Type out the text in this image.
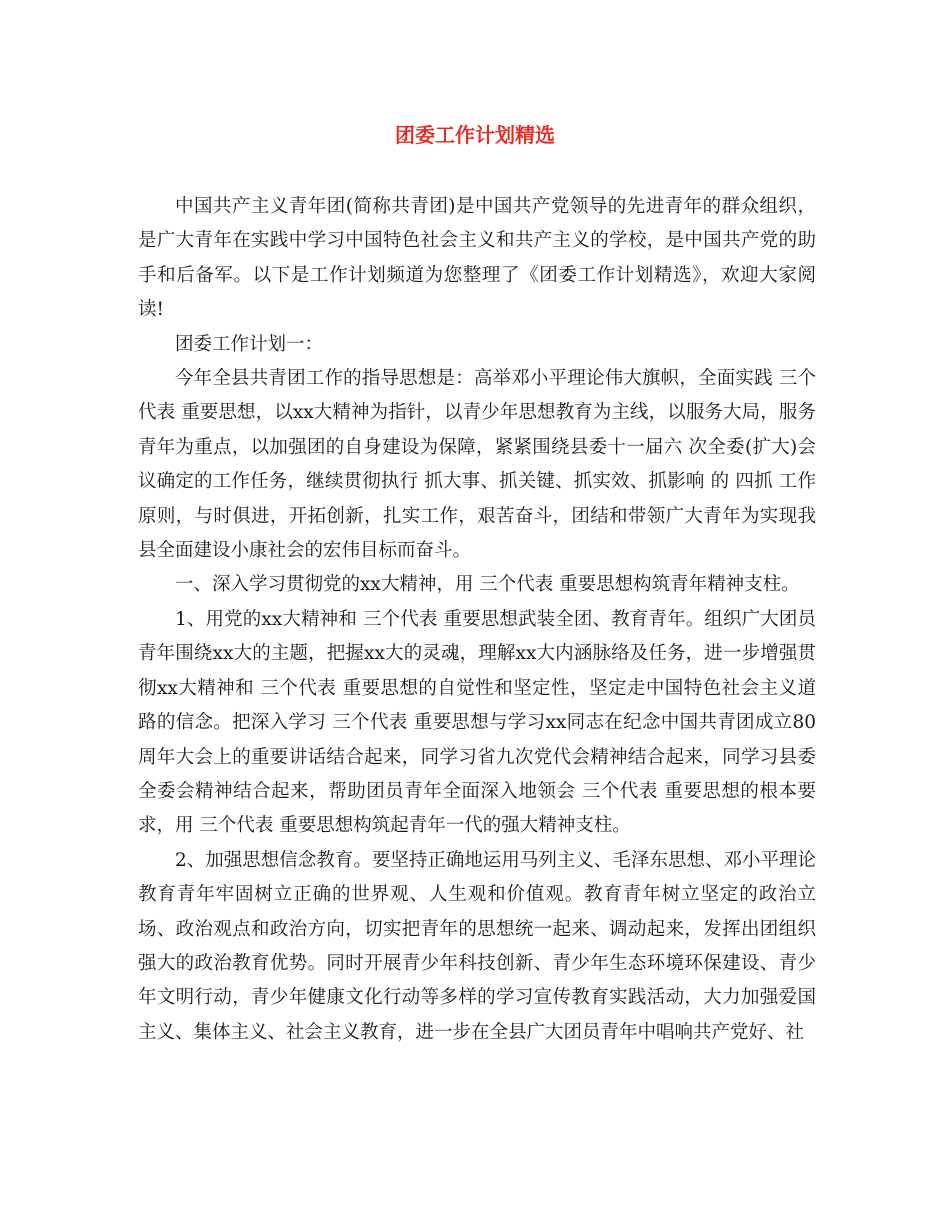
团委工作计划精选

中国共产主义青年团(简称共青团)是中国共产党领导的先进青年的群众组织，是广大青年在实践中学习中国特色社会主义和共产主义的学校，是中国共产党的助手和后备军。以下是工作计划频道为您整理了《团委工作计划精选》，欢迎大家阅读!

团委工作计划一：

今年全县共青团工作的指导思想是：高举邓小平理论伟大旗帜，全面实践 三个代表 重要思想，以xx大精神为指针，以青少年思想教育为主线，以服务大局，服务青年为重点，以加强团的自身建设为保障，紧紧围绕县委十一届六 次全委(扩大)会议确定的工作任务，继续贯彻执行 抓大事、抓关键、抓实效、抓影响 的 四抓 工作原则，与时俱进，开拓创新，扎实工作，艰苦奋斗，团结和带领广大青年为实现我县全面建设小康社会的宏伟目标而奋斗。

一、深入学习贯彻党的xx大精神，用 三个代表 重要思想构筑青年精神支柱。

1、用党的xx大精神和 三个代表 重要思想武装全团、教育青年。组织广大团员青年围绕xx大的主题，把握xx大的灵魂，理解xx大内涵脉络及任务，进一步增强贯彻xx大精神和 三个代表 重要思想的自觉性和坚定性，坚定走中国特色社会主义道路的信念。把深入学习 三个代表 重要思想与学习xx同志在纪念中国共青团成立80周年大会上的重要讲话结合起来，同学习省九次党代会精神结合起来，同学习县委全委会精神结合起来，帮助团员青年全面深入地领会 三个代表 重要思想的根本要求，用 三个代表 重要思想构筑起青年一代的强大精神支柱。

2、加强思想信念教育。要坚持正确地运用马列主义、毛泽东思想、邓小平理论教育青年牢固树立正确的世界观、人生观和价值观。教育青年树立坚定的政治立场、政治观点和政治方向，切实把青年的思想统一起来、调动起来，发挥出团组织强大的政治教育优势。同时开展青少年科技创新、青少年生态环境环保建设、青少年文明行动，青少年健康文化行动等多样的学习宣传教育实践活动，大力加强爱国主义、集体主义、社会主义教育，进一步在全县广大团员青年中唱响共产党好、社
